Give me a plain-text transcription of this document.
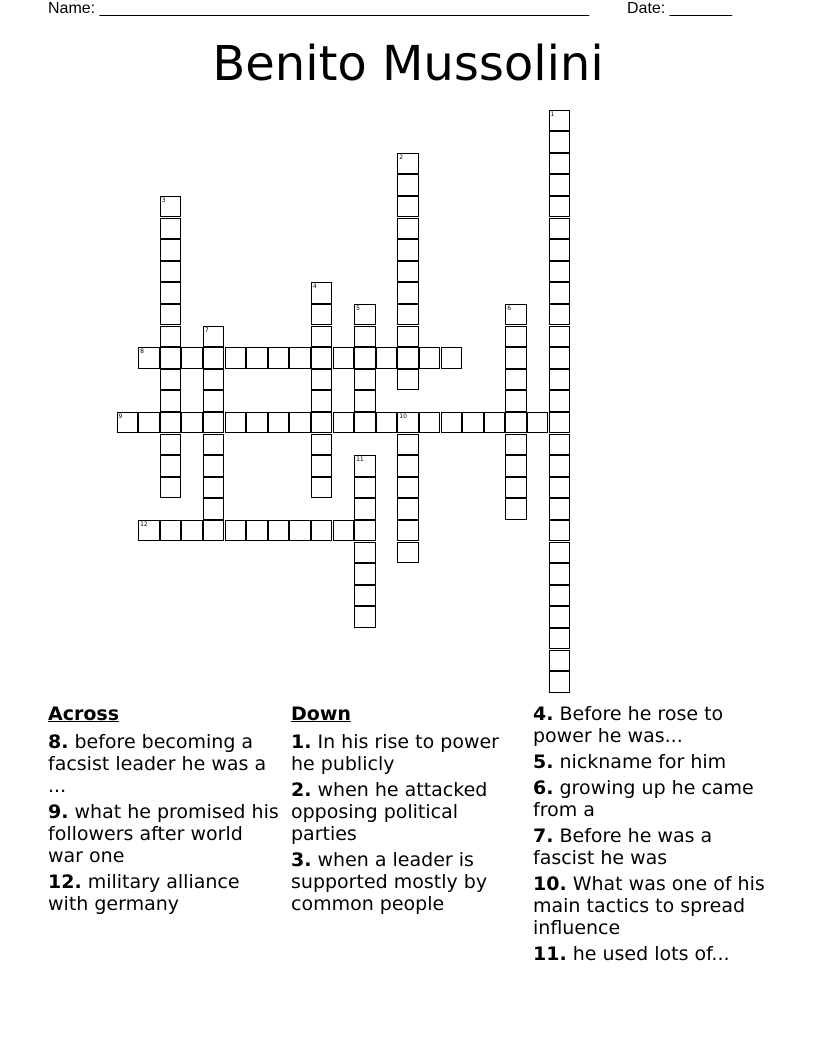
Name: _______________________________________________________ Date: _______
Benito Mussolini
1
2
3
4
5	6
7
8
9	10
11
12
Across
8. before becoming a facsist leader he was a ...
9. what he promised his followers after world war one
12. military alliance with germany
Down
1. In his rise to power he publicly
2. when he attacked opposing political parties
3. when a leader is supported mostly by common people
4. Before he rose to power he was...
5. nickname for him
6. growing up he came from a
7. Before he was a fascist he was
10. What was one of his main tactics to spread influence
11. he used lots of...
